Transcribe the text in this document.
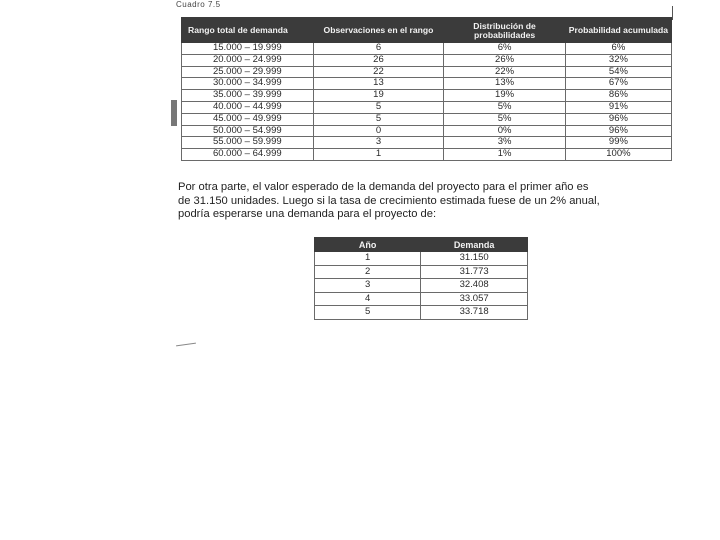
Cuadro 7.5
Rango total de demanda	Observaciones en el rango	Distribución de probabilidades	Probabilidad acumulada
15.000 – 19.999	6	6%	6%
20.000 – 24.999	26	26%	32%
25.000 – 29.999	22	22%	54%
30.000 – 34.999	13	13%	67%
35.000 – 39.999	19	19%	86%
40.000 – 44.999	5	5%	91%
45.000 – 49.999	5	5%	96%
50.000 – 54.999	0	0%	96%
55.000 – 59.999	3	3%	99%
60.000 – 64.999	1	1%	100%
Por otra parte, el valor esperado de la demanda del proyecto para el primer año es
de 31.150 unidades. Luego si la tasa de crecimiento estimada fuese de un 2% anual,
podría esperarse una demanda para el proyecto de:
Año	Demanda
1	31.150
2	31.773
3	32.408
4	33.057
5	33.718
